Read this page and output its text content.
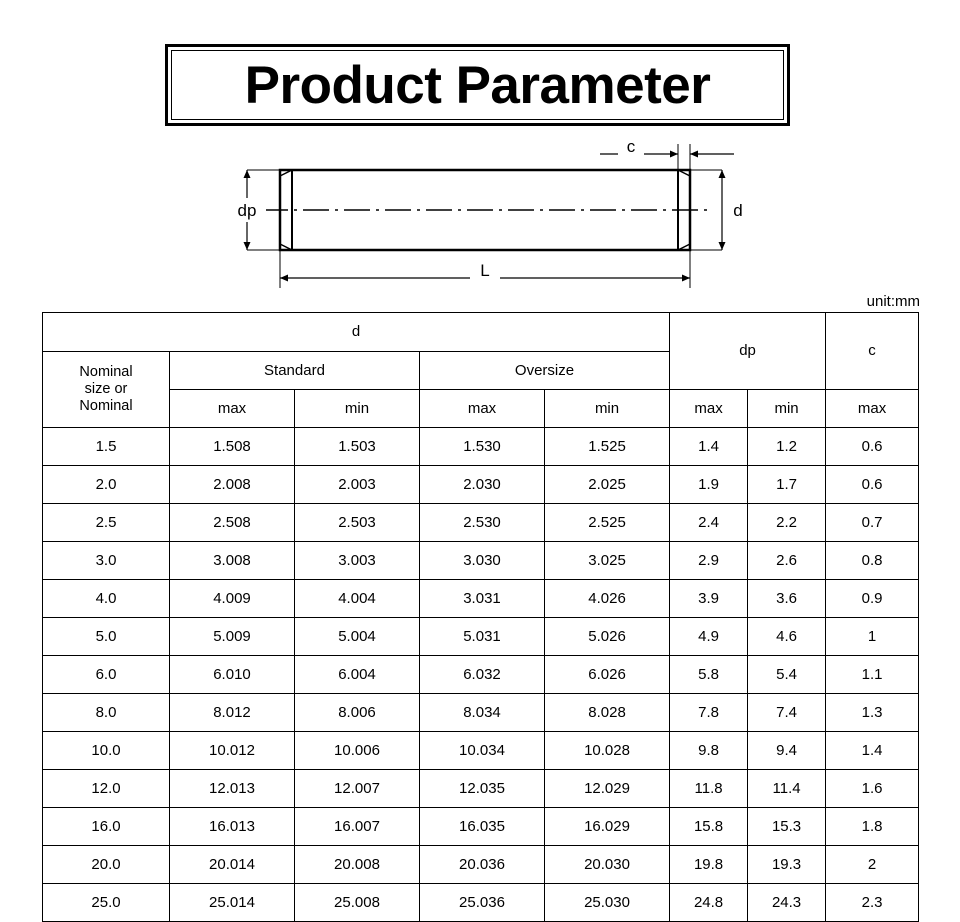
Product Parameter
dp	d
c
L
unit:mm
d					dp		c

Nominal
size or
Nominal	Standard		Oversize				
	max	min	max	min	max	min	max
1.5	1.508	1.503	1.530	1.525	1.4	1.2	0.6
2.0	2.008	2.003	2.030	2.025	1.9	1.7	0.6
2.5	2.508	2.503	2.530	2.525	2.4	2.2	0.7
3.0	3.008	3.003	3.030	3.025	2.9	2.6	0.8
4.0	4.009	4.004	3.031	4.026	3.9	3.6	0.9
5.0	5.009	5.004	5.031	5.026	4.9	4.6	1
6.0	6.010	6.004	6.032	6.026	5.8	5.4	1.1
8.0	8.012	8.006	8.034	8.028	7.8	7.4	1.3
10.0	10.012	10.006	10.034	10.028	9.8	9.4	1.4
12.0	12.013	12.007	12.035	12.029	11.8	11.4	1.6
16.0	16.013	16.007	16.035	16.029	15.8	15.3	1.8
20.0	20.014	20.008	20.036	20.030	19.8	19.3	2
25.0	25.014	25.008	25.036	25.030	24.8	24.3	2.3
